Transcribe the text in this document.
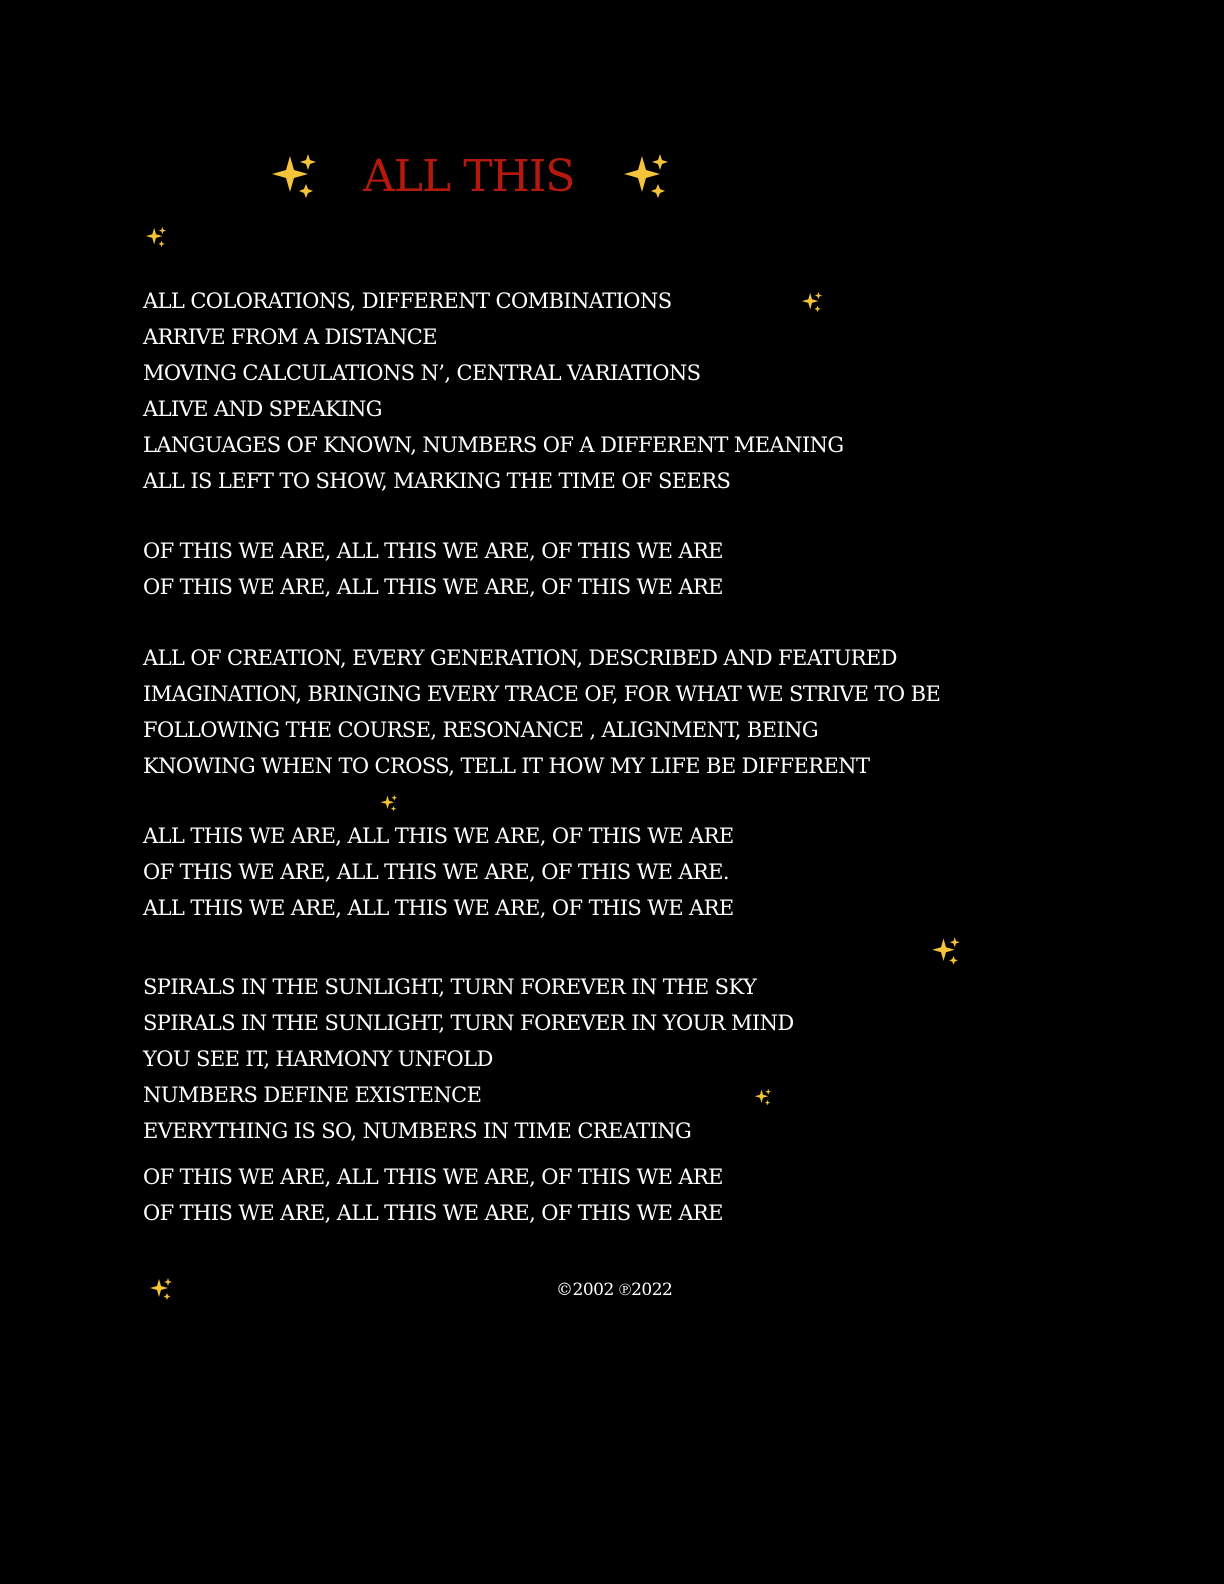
ALL THIS
ALL COLORATIONS, DIFFERENT COMBINATIONS
ARRIVE FROM A DISTANCE
MOVING CALCULATIONS N’, CENTRAL VARIATIONS
ALIVE AND SPEAKING
LANGUAGES OF KNOWN, NUMBERS OF A DIFFERENT MEANING
ALL IS LEFT TO SHOW, MARKING THE TIME OF SEERS
OF THIS WE ARE, ALL THIS WE ARE, OF THIS WE ARE
OF THIS WE ARE, ALL THIS WE ARE, OF THIS WE ARE
ALL OF CREATION, EVERY GENERATION, DESCRIBED AND FEATURED
IMAGINATION, BRINGING EVERY TRACE OF, FOR WHAT WE STRIVE TO BE
FOLLOWING THE COURSE, RESONANCE , ALIGNMENT, BEING
KNOWING WHEN TO CROSS, TELL IT HOW MY LIFE BE DIFFERENT
ALL THIS WE ARE, ALL THIS WE ARE, OF THIS WE ARE
OF THIS WE ARE, ALL THIS WE ARE, OF THIS WE ARE.
ALL THIS WE ARE, ALL THIS WE ARE, OF THIS WE ARE
SPIRALS IN THE SUNLIGHT, TURN FOREVER IN THE SKY
SPIRALS IN THE SUNLIGHT, TURN FOREVER IN YOUR MIND
YOU SEE IT, HARMONY UNFOLD
NUMBERS DEFINE EXISTENCE
EVERYTHING IS SO, NUMBERS IN TIME CREATING
OF THIS WE ARE, ALL THIS WE ARE, OF THIS WE ARE
OF THIS WE ARE, ALL THIS WE ARE, OF THIS WE ARE
©2002 ℗2022
